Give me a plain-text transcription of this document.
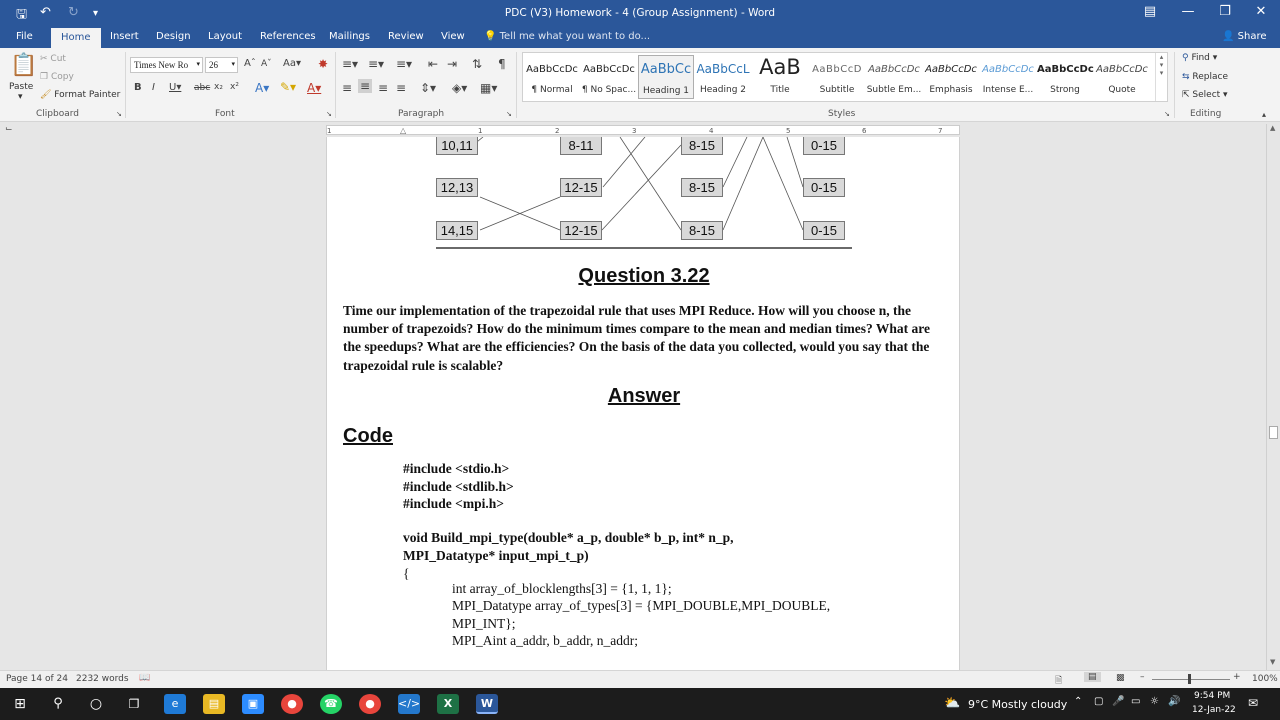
🖫 ↶ ↻ ▾	PDC (V3) Homework - 4 (Group Assignment) - Word	▤	—	❐	✕
File	Home	Insert Design Layout References Mailings Review View 💡 Tell me what you want to do...	👤 Share
📋
Paste
▾
✂ Cut
❐ Copy
🖌 Format Painter
Clipboard	↘
Times New Ro ▾	26 ▾ Aˆ Aˇ Aa▾ ✸
B I U▾ abc x₂ x² A▾ ✎▾ A▾
Font	↘
≡▾ ≡▾ ≡▾ ⇤ ⇥ ⇅ ¶
≡ ≡ ≡ ≡ ⇕▾ ◈▾ ▦▾
Paragraph	↘
AaBbCcDc
¶ Normal
AaBbCcDc
¶ No Spac...
AaBbCc
Heading 1
AaBbCcL
Heading 2
AaB
Title
AaBbCcD
Subtitle
AaBbCcDc
Subtle Em...
AaBbCcDc
Emphasis
AaBbCcDc
Intense E...
AaBbCcDc
Strong
AaBbCcDc
Quote
▴
▾
▾
Styles	↘
⚲ Find ▾
⇆ Replace
⇱ Select ▾
Editing	▴
⌙	1	1	2	3	4	5	6	7
△
10,11
12,13
14,15
8-11
12-15
12-15
8-15
8-15
8-15
0-15
0-15
0-15
Question 3.22
Time our implementation of the trapezoidal rule that uses MPI Reduce. How will you choose n, the number of trapezoids? How do the minimum times compare to the mean and median times? What are the speedups? What are the efficiencies? On the basis of the data you collected, would you say that the trapezoidal rule is scalable?
Answer
Code
#include <stdio.h>
#include <stdlib.h>
#include <mpi.h>
void Build_mpi_type(double* a_p, double* b_p, int* n_p,
MPI_Datatype* input_mpi_t_p)
{
int array_of_blocklengths[3] = {1, 1, 1};
MPI_Datatype array_of_types[3] = {MPI_DOUBLE,MPI_DOUBLE,
MPI_INT};
MPI_Aint a_addr, b_addr, n_addr;
▲
▼
Page 14 of 24 2232 words 📖	🗎	▤	▩ –	+ 100%
⊞	⚲	○	❐	e	▤	▣	●	☎	●	</>	X	W	⛅ 9°C Mostly cloudy ⌃ ▢ 🎤 ▭ ☼ 🔊 9:54 PM
12-Jan-22 ✉
